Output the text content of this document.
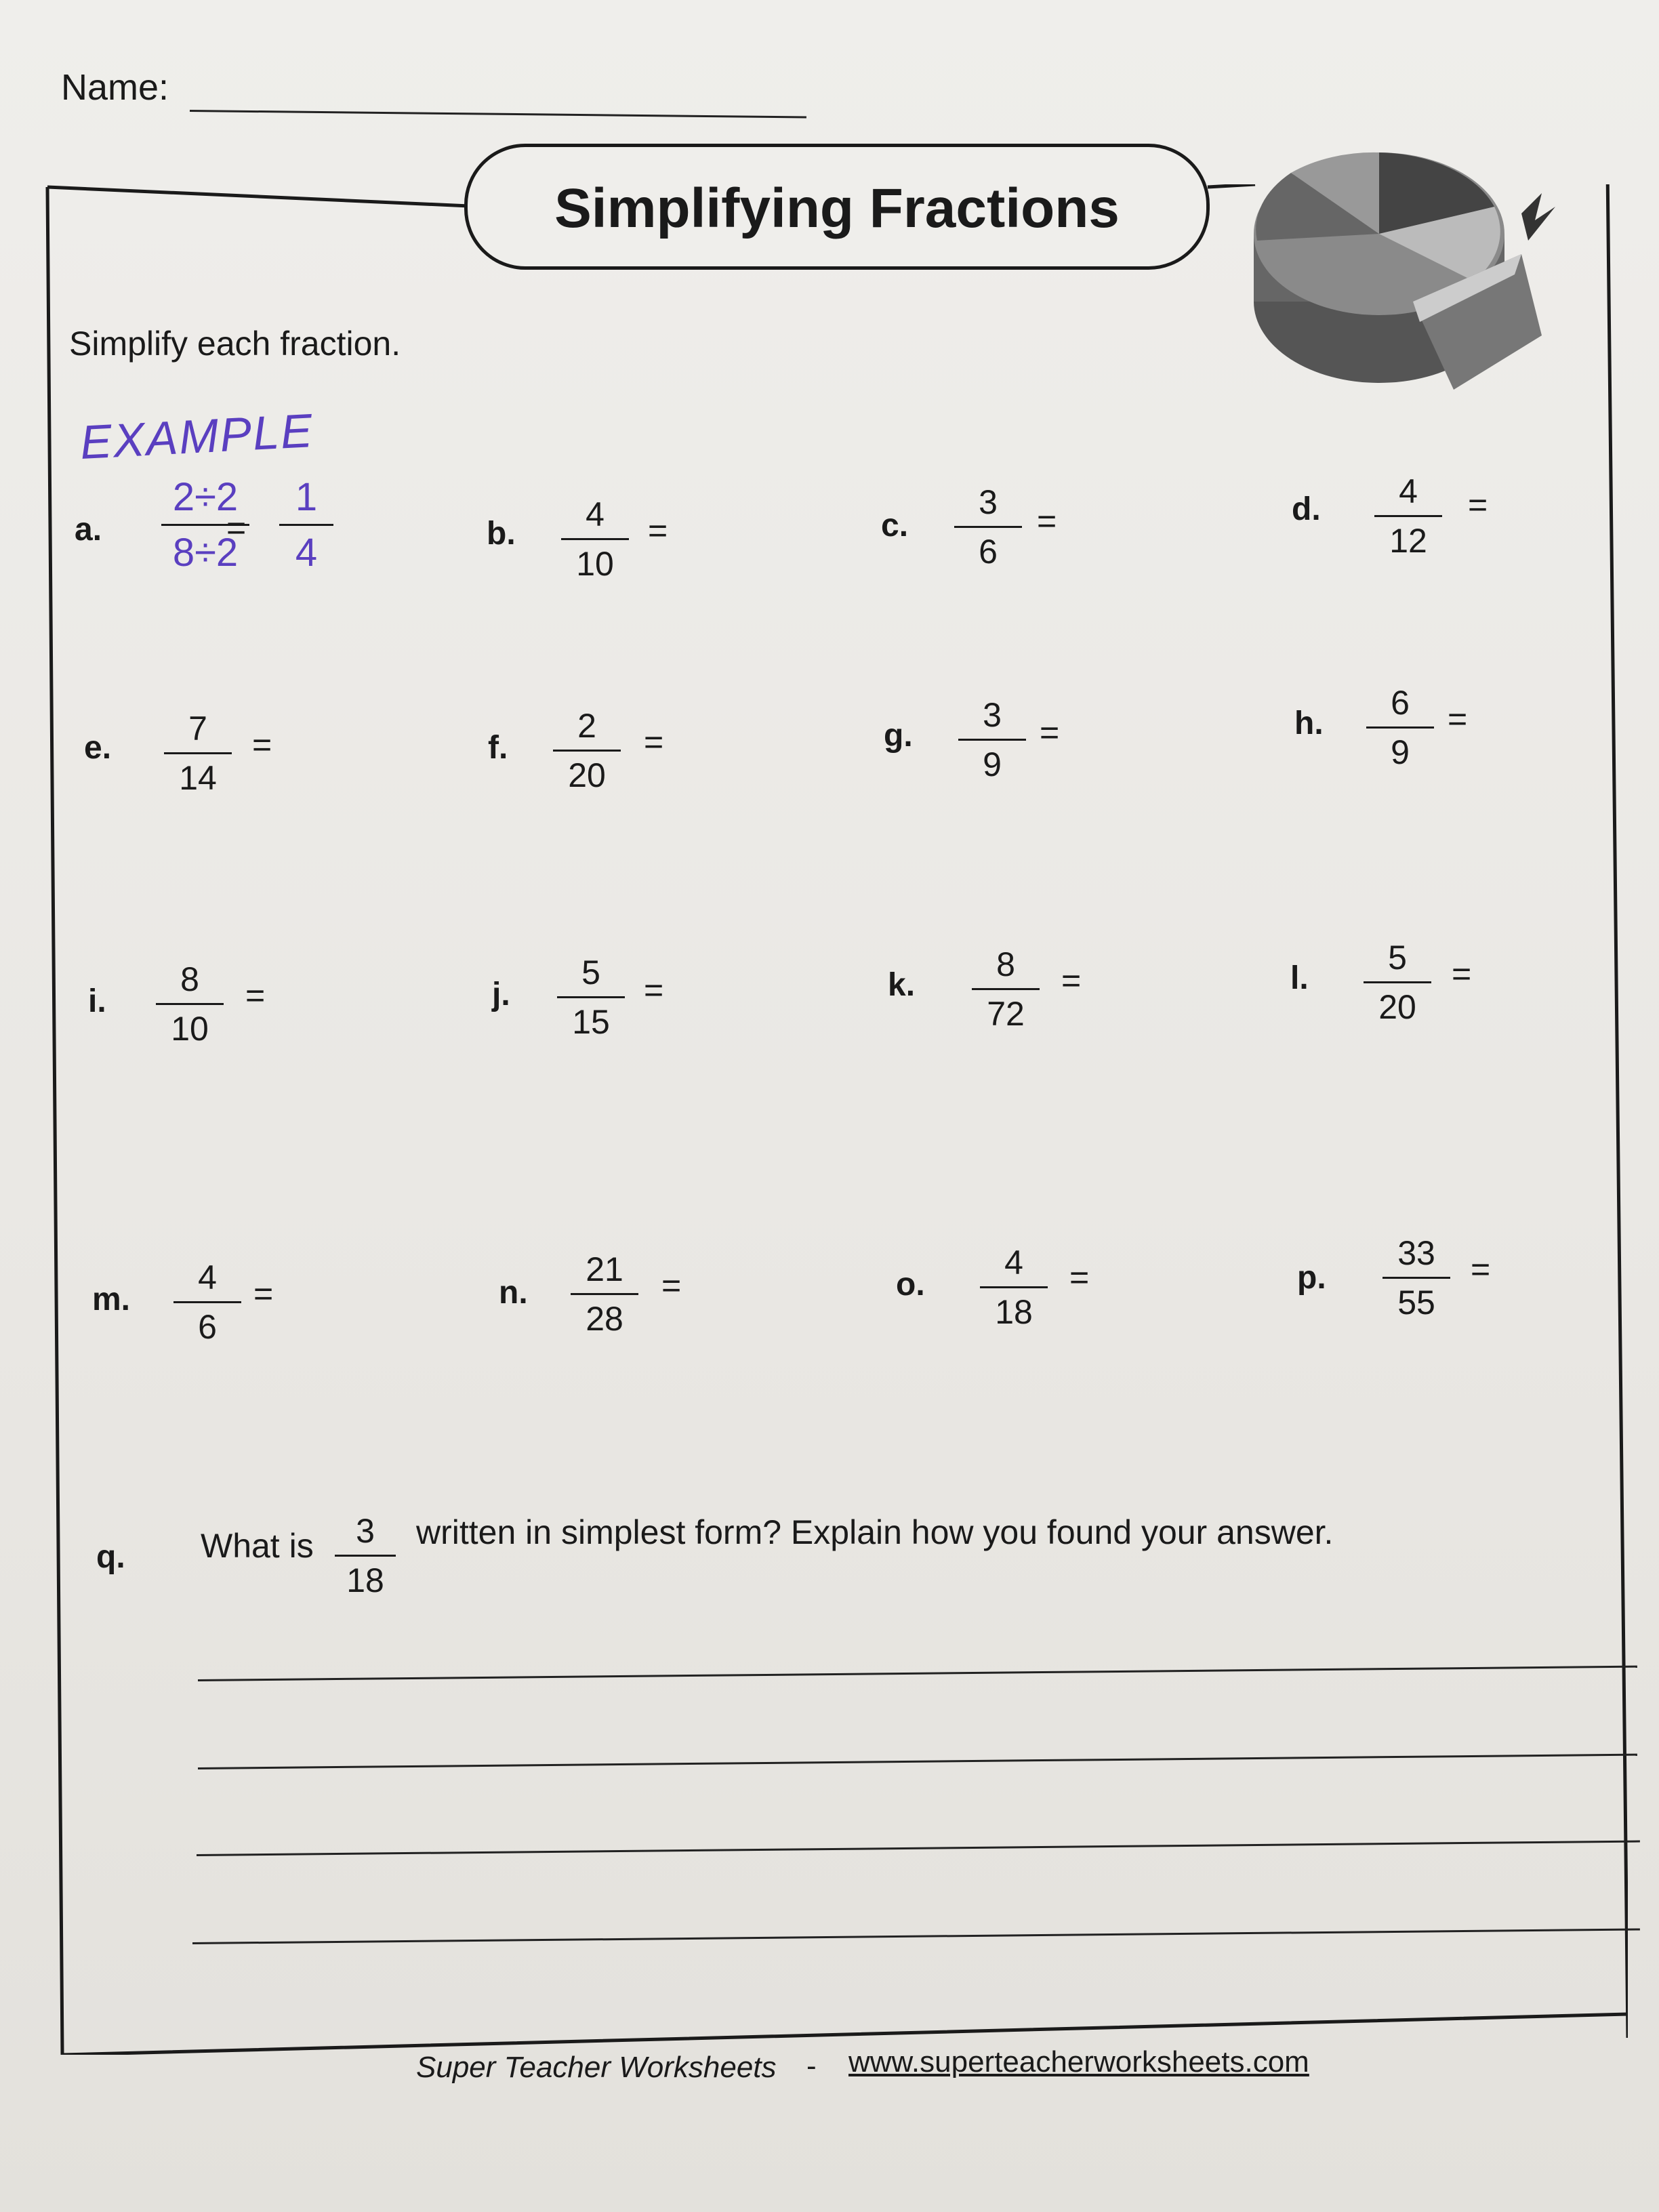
Name:
Simplifying Fractions
Simplify each fraction.
EXAMPLE
a.
2÷2
8÷2
=
1
4	b.
4
10
=	c.
3
6
=	d.	4
12
=
e.
7
14
=	f.
2
20
=	g.
3
9
=	h.
6
9
=
i.
8
10
=	j.
5
15
=	k.
8
72
=	l.
5
20
=
m.
4
6
=	n.
21
28
=	o.
4
18
=	p.
33
55
=
q. What is	3
18
written in simplest form? Explain how you found your answer.
Super Teacher Worksheets - www.superteacherworksheets.com
